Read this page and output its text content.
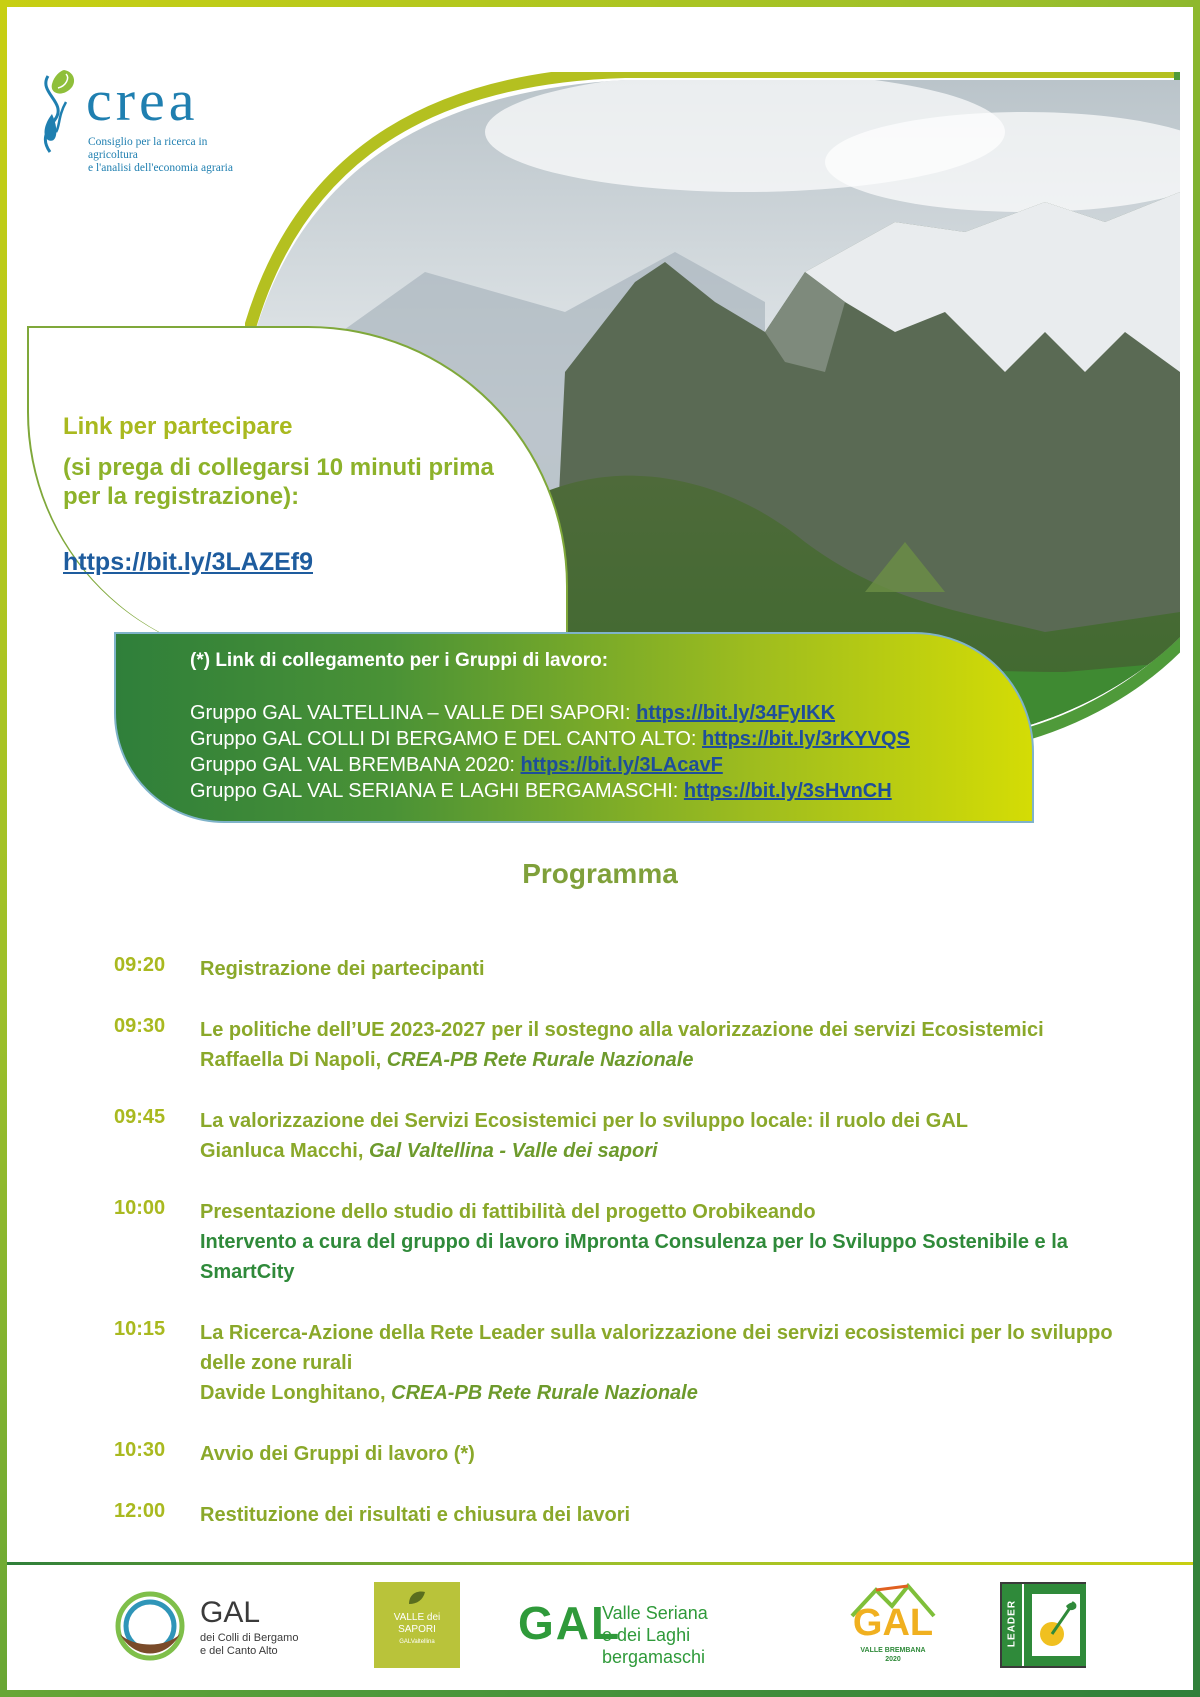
crea
Consiglio per la ricerca in agricoltura
e l'analisi dell'economia agraria
Link per partecipare
(si prega di collegarsi 10 minuti prima per la registrazione):
https://bit.ly/3LAZEf9
(*) Link di collegamento per i Gruppi di lavoro:
Gruppo GAL VALTELLINA – VALLE DEI SAPORI: https://bit.ly/34FyIKK
Gruppo GAL COLLI DI BERGAMO E DEL CANTO ALTO: https://bit.ly/3rKYVQS
Gruppo GAL VAL BREMBANA 2020: https://bit.ly/3LAcavF
Gruppo GAL VAL SERIANA E LAGHI BERGAMASCHI: https://bit.ly/3sHvnCH
Programma
09:20 Registrazione dei partecipanti
09:30 Le politiche dell’UE 2023-2027 per il sostegno alla valorizzazione dei servizi Ecosistemici
Raffaella Di Napoli, CREA-PB Rete Rurale Nazionale
09:45 La valorizzazione dei Servizi Ecosistemici per lo sviluppo locale: il ruolo dei GAL
Gianluca Macchi, Gal Valtellina - Valle dei sapori
10:00 Presentazione dello studio di fattibilità del progetto Orobikeando
Intervento a cura del gruppo di lavoro iMpronta Consulenza per lo Sviluppo Sostenibile e la SmartCity
10:15 La Ricerca-Azione della Rete Leader sulla valorizzazione dei servizi ecosistemici per lo sviluppo delle zone rurali
Davide Longhitano, CREA-PB Rete Rurale Nazionale
10:30 Avvio dei Gruppi di lavoro (*)
12:00 Restituzione dei risultati e chiusura dei lavori
GAL
dei Colli di Bergamo
e del Canto Alto
VALLE dei
SAPORI
GALValtellina	GAL
Valle Seriana
e dei Laghi bergamaschi
GAL
VALLE BREMBANA
2020
LEADER
